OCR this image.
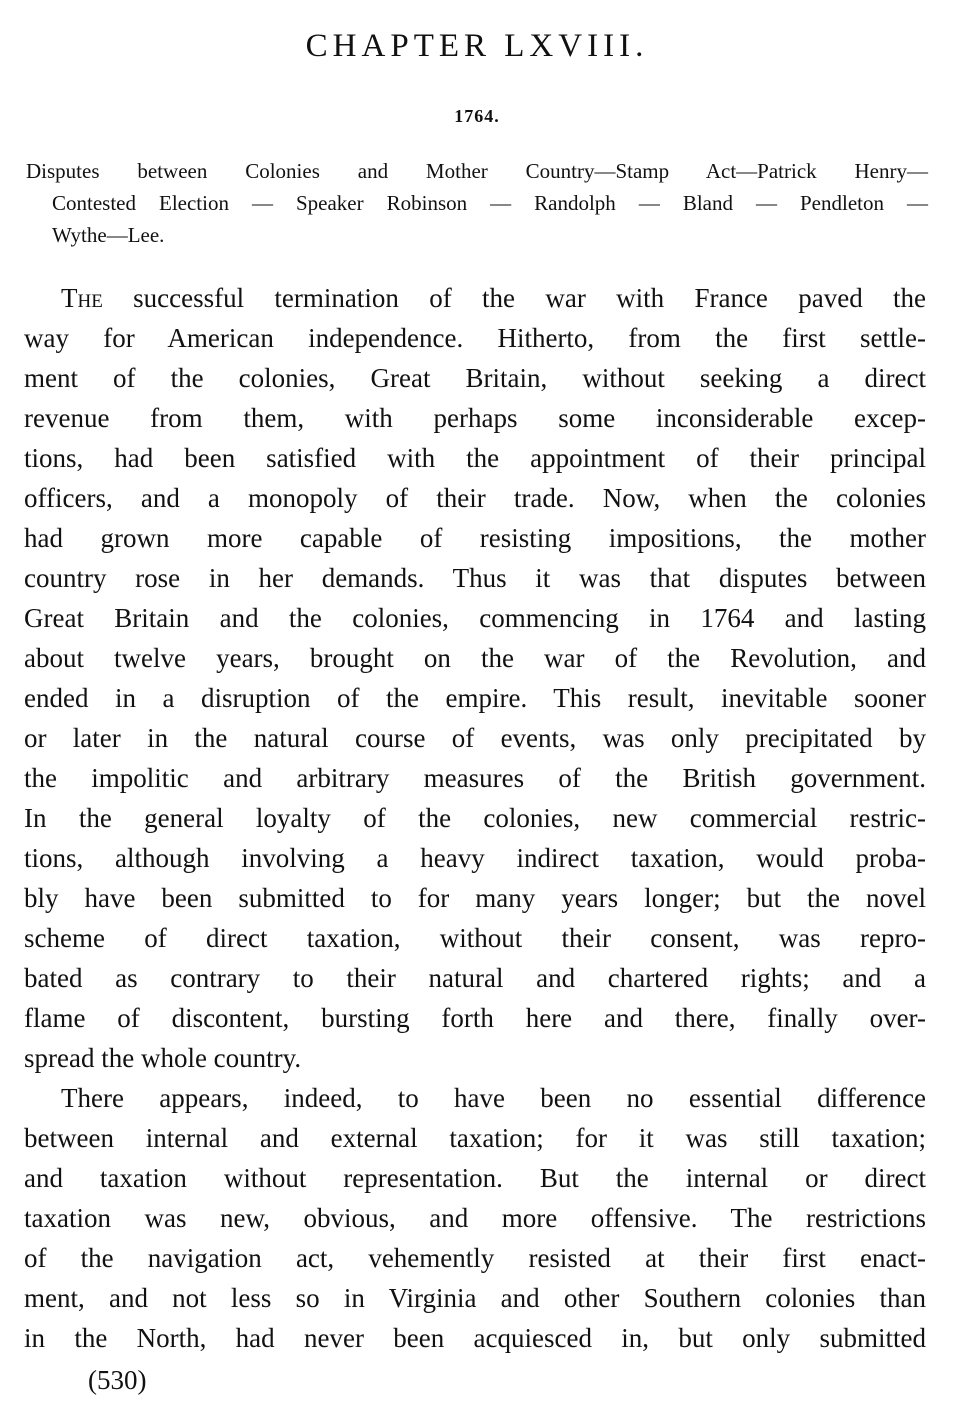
CHAPTER LXVIII.
1764.
Disputes between Colonies and Mother Country—Stamp Act—Patrick Henry—
Contested Election — Speaker Robinson — Randolph — Bland — Pendleton —
Wythe—Lee.
The successful termination of the war with France paved the
way for American independence. Hitherto, from the first settle-
ment of the colonies, Great Britain, without seeking a direct
revenue from them, with perhaps some inconsiderable excep-
tions, had been satisfied with the appointment of their principal
officers, and a monopoly of their trade. Now, when the colonies
had grown more capable of resisting impositions, the mother
country rose in her demands. Thus it was that disputes between
Great Britain and the colonies, commencing in 1764 and lasting
about twelve years, brought on the war of the Revolution, and
ended in a disruption of the empire. This result, inevitable sooner
or later in the natural course of events, was only precipitated by
the impolitic and arbitrary measures of the British government.
In the general loyalty of the colonies, new commercial restric-
tions, although involving a heavy indirect taxation, would proba-
bly have been submitted to for many years longer; but the novel
scheme of direct taxation, without their consent, was repro-
bated as contrary to their natural and chartered rights; and a
flame of discontent, bursting forth here and there, finally over-
spread the whole country.
There appears, indeed, to have been no essential difference
between internal and external taxation; for it was still taxation;
and taxation without representation. But the internal or direct
taxation was new, obvious, and more offensive. The restrictions
of the navigation act, vehemently resisted at their first enact-
ment, and not less so in Virginia and other Southern colonies than
in the North, had never been acquiesced in, but only submitted
(530)
